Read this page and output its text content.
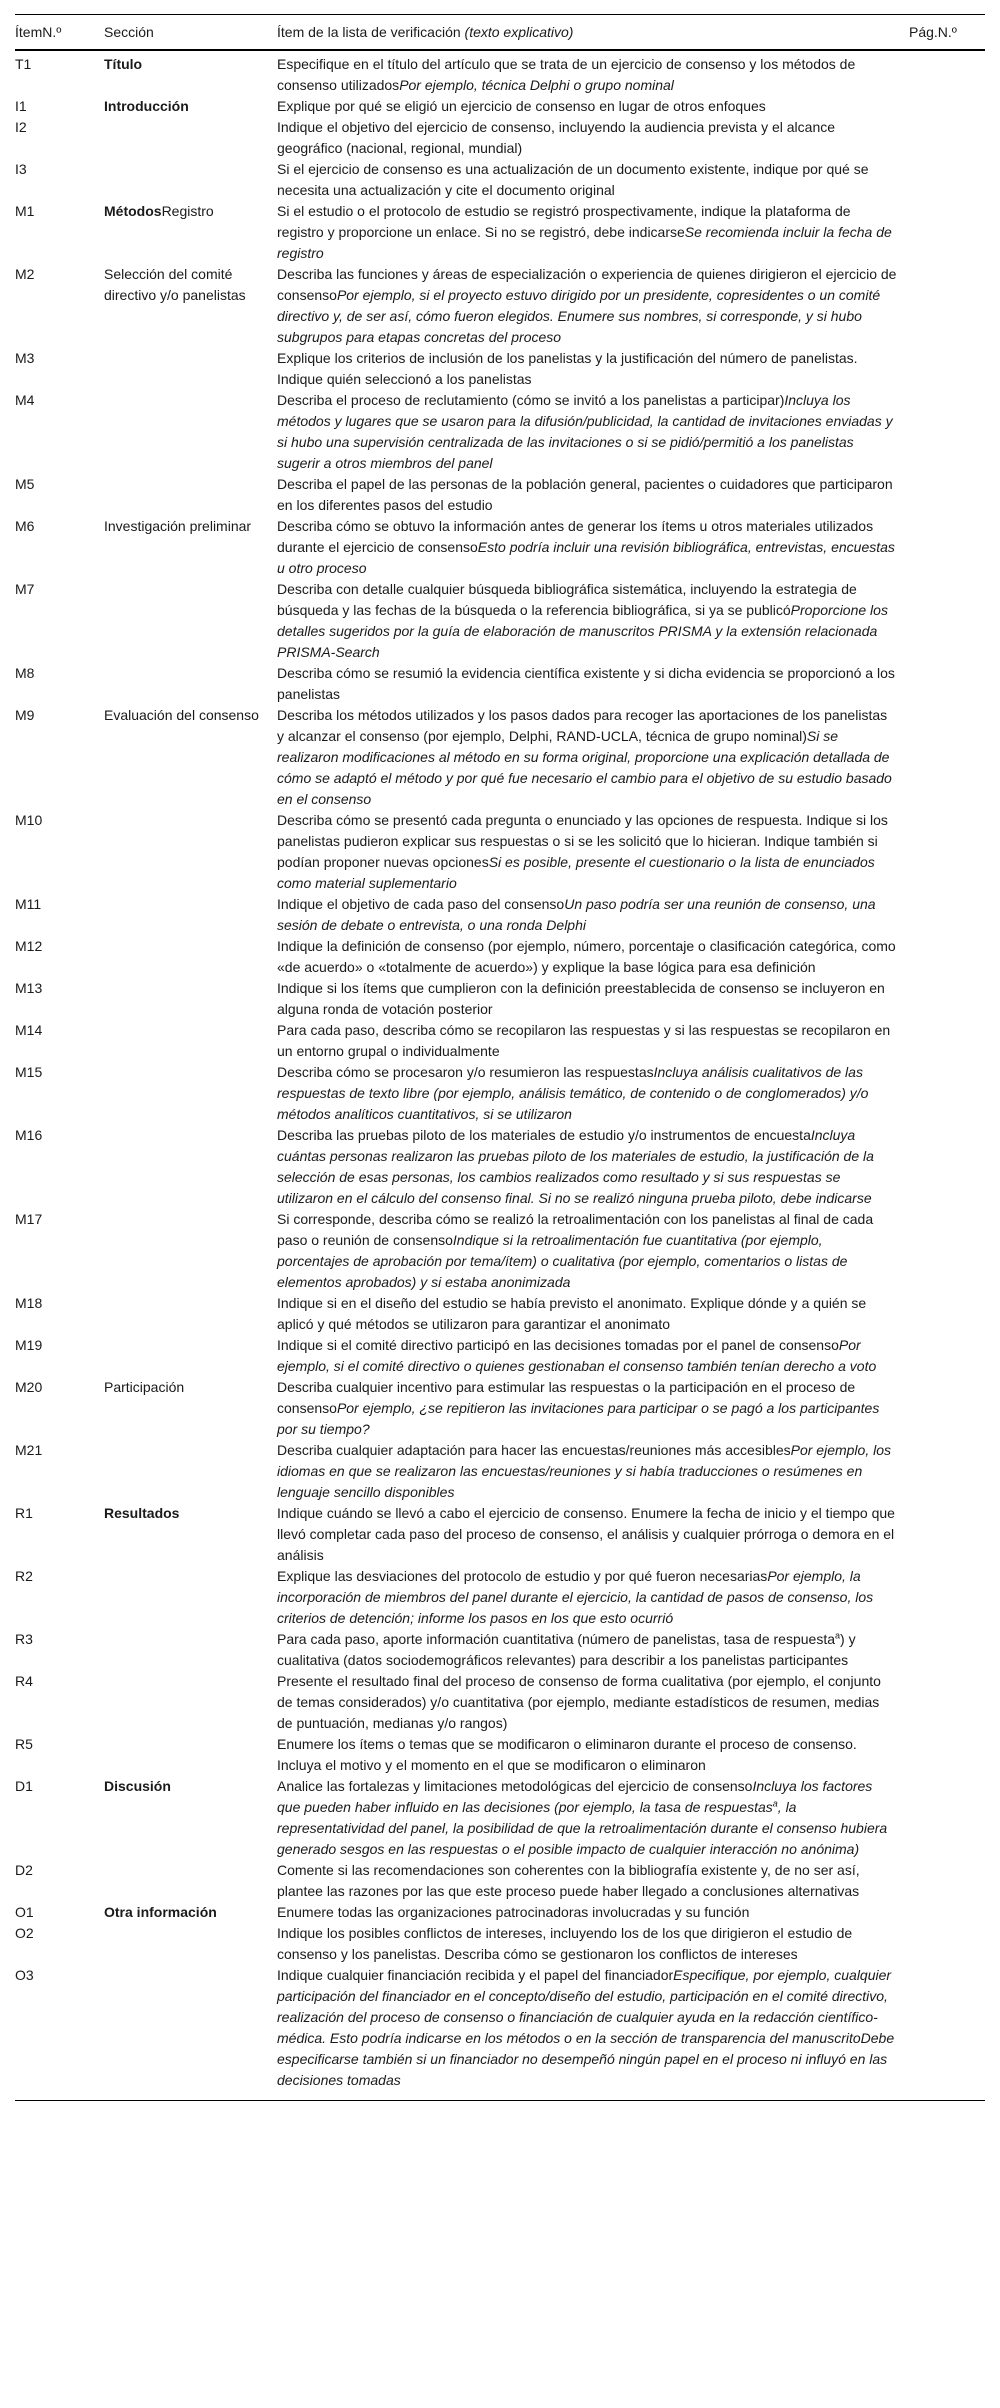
ÍtemN.º	Sección	Ítem de la lista de verificación (texto explicativo)	Pág.N.º
T1	Título	Especifique en el título del artículo que se trata de un ejercicio de consenso y los métodos de consenso utilizadosPor ejemplo, técnica Delphi o grupo nominal	
I1	Introducción	Explique por qué se eligió un ejercicio de consenso en lugar de otros enfoques	
I2		Indique el objetivo del ejercicio de consenso, incluyendo la audiencia prevista y el alcance geográfico (nacional, regional, mundial)	
I3		Si el ejercicio de consenso es una actualización de un documento existente, indique por qué se necesita una actualización y cite el documento original	
M1	MétodosRegistro	Si el estudio o el protocolo de estudio se registró prospectivamente, indique la plataforma de registro y proporcione un enlace. Si no se registró, debe indicarseSe recomienda incluir la fecha de registro	
M2	Selección del comité directivo y/o panelistas	Describa las funciones y áreas de especialización o experiencia de quienes dirigieron el ejercicio de consensoPor ejemplo, si el proyecto estuvo dirigido por un presidente, copresidentes o un comité directivo y, de ser así, cómo fueron elegidos. Enumere sus nombres, si corresponde, y si hubo subgrupos para etapas concretas del proceso	
M3		Explique los criterios de inclusión de los panelistas y la justificación del número de panelistas. Indique quién seleccionó a los panelistas	
M4		Describa el proceso de reclutamiento (cómo se invitó a los panelistas a participar)Incluya los métodos y lugares que se usaron para la difusión/publicidad, la cantidad de invitaciones enviadas y si hubo una supervisión centralizada de las invitaciones o si se pidió/permitió a los panelistas sugerir a otros miembros del panel	
M5		Describa el papel de las personas de la población general, pacientes o cuidadores que participaron en los diferentes pasos del estudio	
M6	Investigación preliminar	Describa cómo se obtuvo la información antes de generar los ítems u otros materiales utilizados durante el ejercicio de consensoEsto podría incluir una revisión bibliográfica, entrevistas, encuestas u otro proceso	
M7		Describa con detalle cualquier búsqueda bibliográfica sistemática, incluyendo la estrategia de búsqueda y las fechas de la búsqueda o la referencia bibliográfica, si ya se publicóProporcione los detalles sugeridos por la guía de elaboración de manuscritos PRISMA y la extensión relacionada PRISMA-Search	
M8		Describa cómo se resumió la evidencia científica existente y si dicha evidencia se proporcionó a los panelistas	
M9	Evaluación del consenso	Describa los métodos utilizados y los pasos dados para recoger las aportaciones de los panelistas y alcanzar el consenso (por ejemplo, Delphi, RAND-UCLA, técnica de grupo nominal)Si se realizaron modificaciones al método en su forma original, proporcione una explicación detallada de cómo se adaptó el método y por qué fue necesario el cambio para el objetivo de su estudio basado en el consenso	
M10		Describa cómo se presentó cada pregunta o enunciado y las opciones de respuesta. Indique si los panelistas pudieron explicar sus respuestas o si se les solicitó que lo hicieran. Indique también si podían proponer nuevas opcionesSi es posible, presente el cuestionario o la lista de enunciados como material suplementario	
M11		Indique el objetivo de cada paso del consensoUn paso podría ser una reunión de consenso, una sesión de debate o entrevista, o una ronda Delphi	
M12		Indique la definición de consenso (por ejemplo, número, porcentaje o clasificación categórica, como «de acuerdo» o «totalmente de acuerdo») y explique la base lógica para esa definición	
M13		Indique si los ítems que cumplieron con la definición preestablecida de consenso se incluyeron en alguna ronda de votación posterior	
M14		Para cada paso, describa cómo se recopilaron las respuestas y si las respuestas se recopilaron en un entorno grupal o individualmente	
M15		Describa cómo se procesaron y/o resumieron las respuestasIncluya análisis cualitativos de las respuestas de texto libre (por ejemplo, análisis temático, de contenido o de conglomerados) y/o métodos analíticos cuantitativos, si se utilizaron	
M16		Describa las pruebas piloto de los materiales de estudio y/o instrumentos de encuestaIncluya cuántas personas realizaron las pruebas piloto de los materiales de estudio, la justificación de la selección de esas personas, los cambios realizados como resultado y si sus respuestas se utilizaron en el cálculo del consenso final. Si no se realizó ninguna prueba piloto, debe indicarse	
M17		Si corresponde, describa cómo se realizó la retroalimentación con los panelistas al final de cada paso o reunión de consensoIndique si la retroalimentación fue cuantitativa (por ejemplo, porcentajes de aprobación por tema/ítem) o cualitativa (por ejemplo, comentarios o listas de elementos aprobados) y si estaba anonimizada	
M18		Indique si en el diseño del estudio se había previsto el anonimato. Explique dónde y a quién se aplicó y qué métodos se utilizaron para garantizar el anonimato	
M19		Indique si el comité directivo participó en las decisiones tomadas por el panel de consensoPor ejemplo, si el comité directivo o quienes gestionaban el consenso también tenían derecho a voto	
M20	Participación	Describa cualquier incentivo para estimular las respuestas o la participación en el proceso de consensoPor ejemplo, ¿se repitieron las invitaciones para participar o se pagó a los participantes por su tiempo?	
M21		Describa cualquier adaptación para hacer las encuestas/reuniones más accesiblesPor ejemplo, los idiomas en que se realizaron las encuestas/reuniones y si había traducciones o resúmenes en lenguaje sencillo disponibles	
R1	Resultados	Indique cuándo se llevó a cabo el ejercicio de consenso. Enumere la fecha de inicio y el tiempo que llevó completar cada paso del proceso de consenso, el análisis y cualquier prórroga o demora en el análisis	
R2		Explique las desviaciones del protocolo de estudio y por qué fueron necesariasPor ejemplo, la incorporación de miembros del panel durante el ejercicio, la cantidad de pasos de consenso, los criterios de detención; informe los pasos en los que esto ocurrió	
R3		Para cada paso, aporte información cuantitativa (número de panelistas, tasa de respuesta$^a$) y cualitativa (datos sociodemográficos relevantes) para describir a los panelistas participantes	
R4		Presente el resultado final del proceso de consenso de forma cualitativa (por ejemplo, el conjunto de temas considerados) y/o cuantitativa (por ejemplo, mediante estadísticos de resumen, medias de puntuación, medianas y/o rangos)	
R5		Enumere los ítems o temas que se modificaron o eliminaron durante el proceso de consenso. Incluya el motivo y el momento en el que se modificaron o eliminaron	
D1	Discusión	Analice las fortalezas y limitaciones metodológicas del ejercicio de consensoIncluya los factores que pueden haber influido en las decisiones (por ejemplo, la tasa de respuestas$^a$, la representatividad del panel, la posibilidad de que la retroalimentación durante el consenso hubiera generado sesgos en las respuestas o el posible impacto de cualquier interacción no anónima)	
D2		Comente si las recomendaciones son coherentes con la bibliografía existente y, de no ser así, plantee las razones por las que este proceso puede haber llegado a conclusiones alternativas	
O1	Otra información	Enumere todas las organizaciones patrocinadoras involucradas y su función	
O2		Indique los posibles conflictos de intereses, incluyendo los de los que dirigieron el estudio de consenso y los panelistas. Describa cómo se gestionaron los conflictos de intereses	
O3		Indique cualquier financiación recibida y el papel del financiadorEspecifique, por ejemplo, cualquier participación del financiador en el concepto/diseño del estudio, participación en el comité directivo, realización del proceso de consenso o financiación de cualquier ayuda en la redacción científico-médica. Esto podría indicarse en los métodos o en la sección de transparencia del manuscritoDebe especificarse también si un financiador no desempeñó ningún papel en el proceso ni influyó en las decisiones tomadas	
